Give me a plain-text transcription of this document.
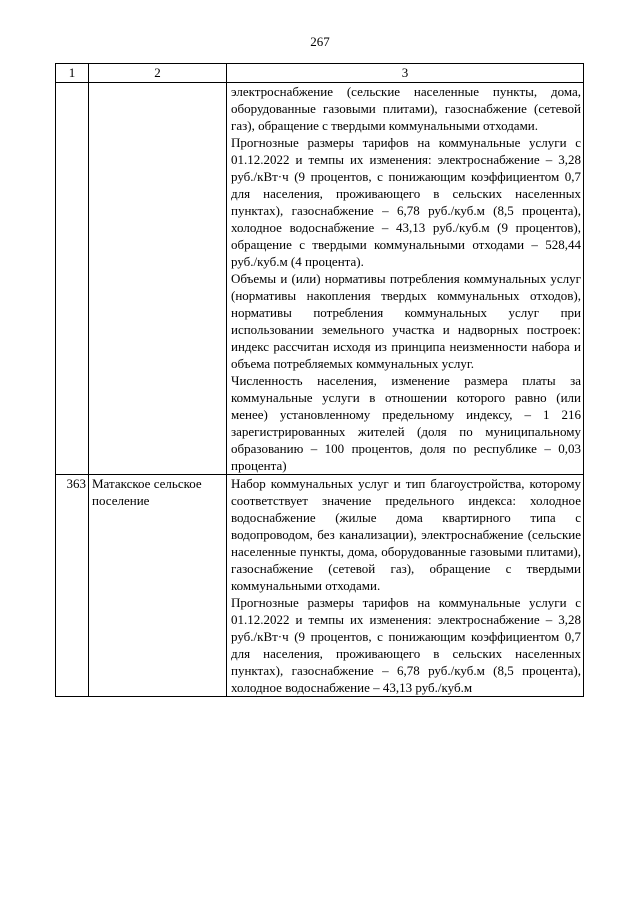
267
1	2	3

		электроснабжение (сельские населенные пункты, дома, оборудованные газовыми плитами), газоснабжение (сетевой газ), обращение с твердыми коммунальными отходами.

Прогнозные размеры тарифов на коммунальные услуги с 01.12.2022 и темпы их изменения: электроснабжение – 3,28 руб./кВт·ч (9 процентов, с понижающим коэффициентом 0,7 для населения, проживающего в сельских населенных пунктах), газоснабжение – 6,78 руб./куб.м (8,5 процента), холодное водоснабжение – 43,13 руб./куб.м (9 процентов), обращение с твердыми коммунальными отходами – 528,44 руб./куб.м (4 процента).

Объемы и (или) нормативы потребления коммунальных услуг (нормативы накопления твердых коммунальных отходов), нормативы потребления коммунальных услуг при использовании земельного участка и надворных построек: индекс рассчитан исходя из принципа неизменности набора и объема потребляемых коммунальных услуг.

Численность населения, изменение размера платы за коммунальные услуги в отношении которого равно (или менее) установленному предельному индексу, – 1 216 зарегистрированных жителей (доля по муниципальному образованию – 100 процентов, доля по республике – 0,03 процента)

363	Матакское сельское поселение	Набор коммунальных услуг и тип благоустройства, которому соответствует значение предельного индекса: холодное водоснабжение (жилые дома квартирного типа с водопроводом, без канализации), электроснабжение (сельские населенные пункты, дома, оборудованные газовыми плитами), газоснабжение (сетевой газ), обращение с твердыми коммунальными отходами.

Прогнозные размеры тарифов на коммунальные услуги с 01.12.2022 и темпы их изменения: электроснабжение – 3,28 руб./кВт·ч (9 процентов, с понижающим коэффициентом 0,7 для населения, проживающего в сельских населенных пунктах), газоснабжение – 6,78 руб./куб.м (8,5 процента), холодное водоснабжение – 43,13 руб./куб.м
